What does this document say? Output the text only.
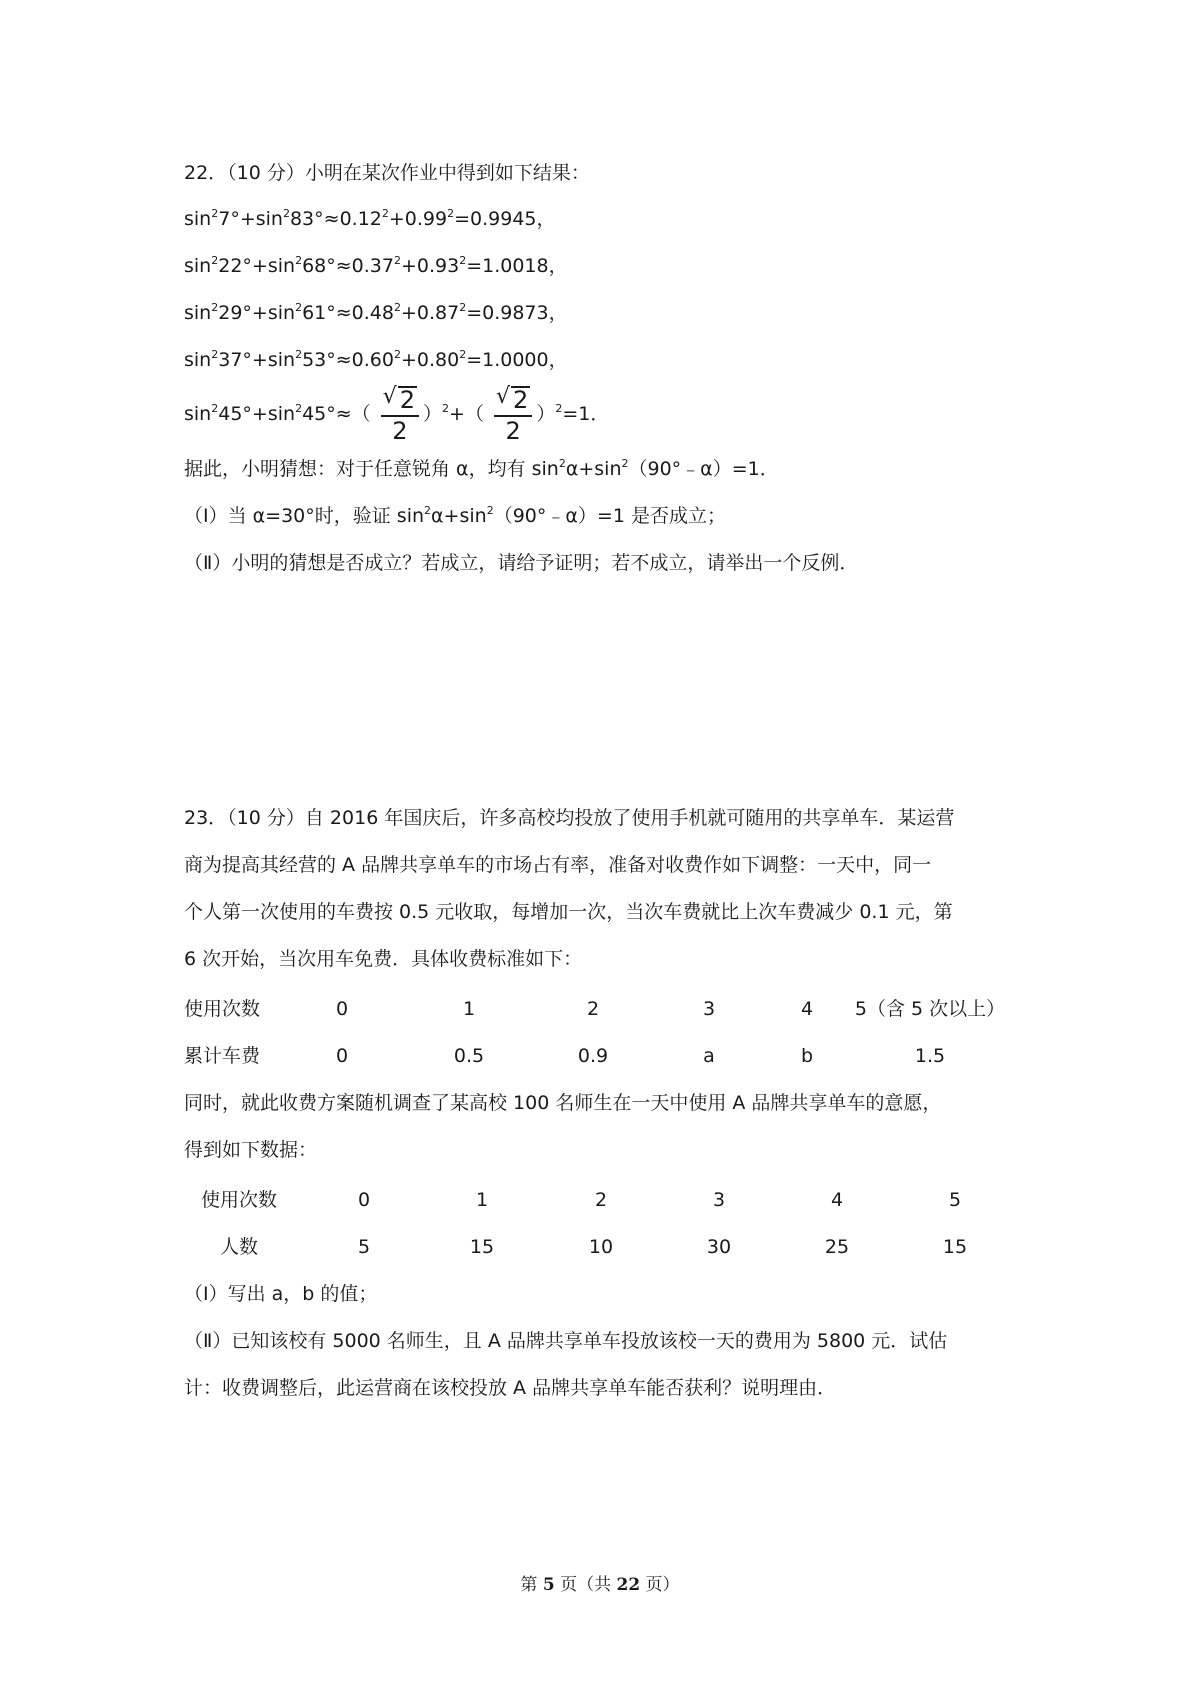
22．（10 分）小明在某次作业中得到如下结果：
$\sin^27^\circ+\sin^283^\circ\approx 0.12^2+0.99^2=0.9945$，
$\sin^222^\circ+\sin^268^\circ\approx 0.37^2+0.93^2=1.0018$，
$\sin^229^\circ+\sin^261^\circ\approx 0.48^2+0.87^2=0.9873$，
$\sin^237^\circ+\sin^253^\circ\approx 0.60^2+0.80^2=1.0000$，
$\sin^245^\circ+\sin^245^\circ\approx( \frac{√ 2}{2} )^2+( \frac{√ 2}{2} )^2=1$．
据此，小明猜想：对于任意锐角 α，均有 $\sin^2\alpha+\sin^2(90^\circ﹣\alpha)=1$．
（Ⅰ）当 α=30°时，验证 $\sin^2\alpha+\sin^2(90^\circ﹣\alpha)=1$ 是否成立；
（Ⅱ）小明的猜想是否成立？若成立，请给予证明；若不成立，请举出一个反例．
23．（10 分）自 2016 年国庆后，许多高校均投放了使用手机就可随用的共享单车．某运营
商为提高其经营的 A 品牌共享单车的市场占有率，准备对收费作如下调整：一天中，同一
个人第一次使用的车费按 0.5 元收取，每增加一次，当次车费就比上次车费减少 0.1 元，第
6 次开始，当次用车免费．具体收费标准如下：
使用次数	0	1	2	3	4 5（含 5 次以上）
累计车费	0	0.5	0.9	a	b	1.5
同时，就此收费方案随机调查了某高校 100 名师生在一天中使用 A 品牌共享单车的意愿，
得到如下数据：
使用次数	0	1	2	3	4	5
人数	5	15	10	30	25	15
（Ⅰ）写出 a，b 的值；
（Ⅱ）已知该校有 5000 名师生，且 A 品牌共享单车投放该校一天的费用为 5800 元．试估
计：收费调整后，此运营商在该校投放 A 品牌共享单车能否获利？说明理由．
第 5 页（共 22 页）
